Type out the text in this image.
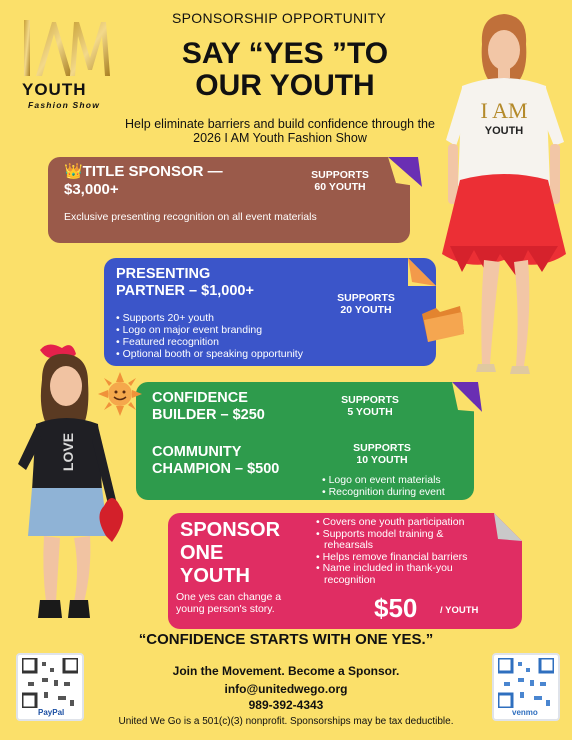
YOUTH
Fashion Show
SPONSORSHIP OPPORTUNITY
SAY “YES ”TO
OUR YOUTH
Help eliminate barriers and build confidence through the
2026 I AM Youth Fashion Show
👑TITLE SPONSOR —
$3,000+
SUPPORTS
60 YOUTH
Exclusive presenting recognition on all event materials
PRESENTING
PARTNER – $1,000+	SUPPORTS
20 YOUTH
• Supports 20+ youth
• Logo on major event branding
• Featured recognition
• Optional booth or speaking opportunity
CONFIDENCE
BUILDER – $250
SUPPORTS
5 YOUTH
COMMUNITY
CHAMPION – $500
SUPPORTS
10 YOUTH
• Logo on event materials
• Recognition during event
SPONSOR
ONE
YOUTH
One yes can change a
young person's story.
• Covers one youth participation
• Supports model training &
rehearsals
• Helps remove financial barriers
• Name included in thank-you
recognition
$50 / YOUTH
I AM
YOUTH
LOVE
“CONFIDENCE STARTS WITH ONE YES.”
Join the Movement. Become a Sponsor.
info@unitedwego.org
989-392-4343
United We Go is a 501(c)(3) nonprofit. Sponsorships may be tax deductible.
PayPal	venmo
